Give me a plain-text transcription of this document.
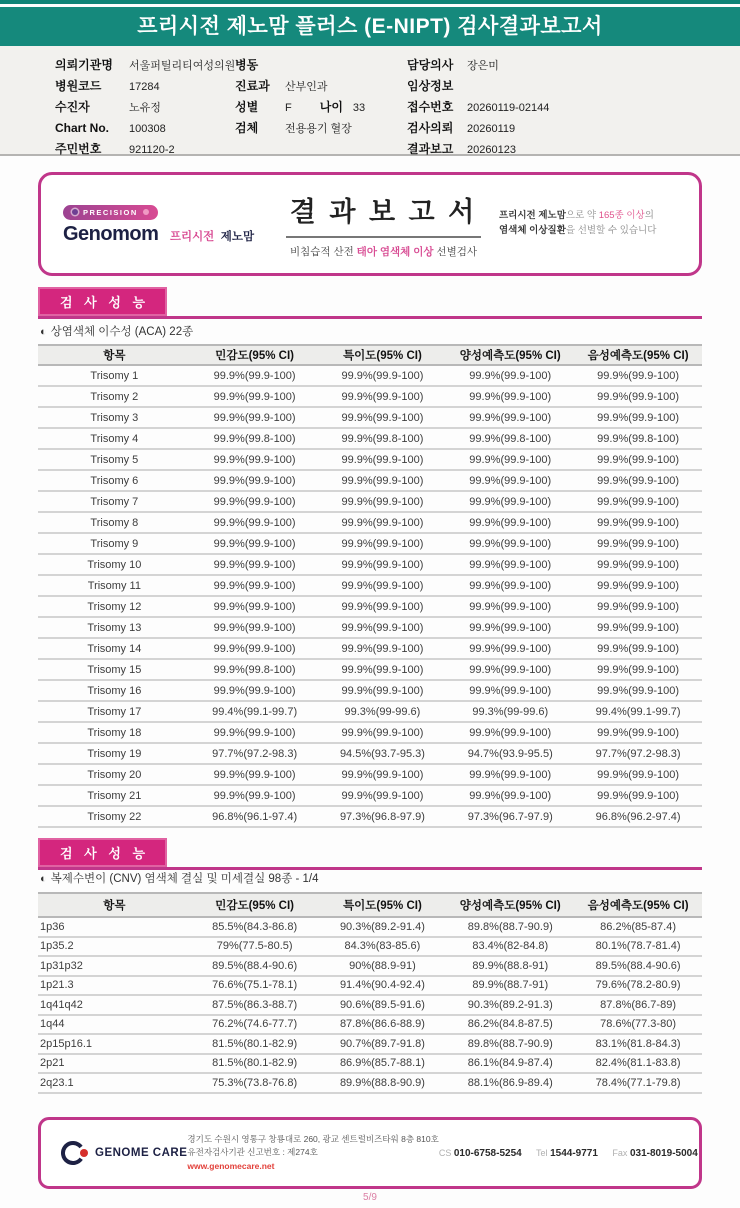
프리시전 제노맘 플러스 (E-NIPT) 검사결과보고서
의뢰기관명 서울퍼틸리티여성의원
병원코드	17284
수진자	노유정
Chart No. 100308
주민번호	921120-2
병동
진료과 산부인과
성별 F 나이 33
검체 전용용기 혈장
담당의사 장은미
임상정보
접수번호 20260119-02144
검사의뢰 20260119
결과보고 20260123
PRECISION
Genomom 프리시전 제노맘
결 과 보 고 서
비침습적 산전 태아 염색체 이상 선별검사
프리시전 제노맘으로 약 165종 이상의
염색체 이상질환을 선별할 수 있습니다
검 사 성 능
◐ 상염색체 이수성 (ACA) 22종
항목	민감도(95% CI)	특이도(95% CI)	양성예측도(95% CI)	음성예측도(95% CI)
Trisomy 1	99.9%(99.9-100)	99.9%(99.9-100)	99.9%(99.9-100)	99.9%(99.9-100)
Trisomy 2	99.9%(99.9-100)	99.9%(99.9-100)	99.9%(99.9-100)	99.9%(99.9-100)
Trisomy 3	99.9%(99.9-100)	99.9%(99.9-100)	99.9%(99.9-100)	99.9%(99.9-100)
Trisomy 4	99.9%(99.8-100)	99.9%(99.8-100)	99.9%(99.8-100)	99.9%(99.8-100)
Trisomy 5	99.9%(99.9-100)	99.9%(99.9-100)	99.9%(99.9-100)	99.9%(99.9-100)
Trisomy 6	99.9%(99.9-100)	99.9%(99.9-100)	99.9%(99.9-100)	99.9%(99.9-100)
Trisomy 7	99.9%(99.9-100)	99.9%(99.9-100)	99.9%(99.9-100)	99.9%(99.9-100)
Trisomy 8	99.9%(99.9-100)	99.9%(99.9-100)	99.9%(99.9-100)	99.9%(99.9-100)
Trisomy 9	99.9%(99.9-100)	99.9%(99.9-100)	99.9%(99.9-100)	99.9%(99.9-100)
Trisomy 10	99.9%(99.9-100)	99.9%(99.9-100)	99.9%(99.9-100)	99.9%(99.9-100)
Trisomy 11	99.9%(99.9-100)	99.9%(99.9-100)	99.9%(99.9-100)	99.9%(99.9-100)
Trisomy 12	99.9%(99.9-100)	99.9%(99.9-100)	99.9%(99.9-100)	99.9%(99.9-100)
Trisomy 13	99.9%(99.9-100)	99.9%(99.9-100)	99.9%(99.9-100)	99.9%(99.9-100)
Trisomy 14	99.9%(99.9-100)	99.9%(99.9-100)	99.9%(99.9-100)	99.9%(99.9-100)
Trisomy 15	99.9%(99.8-100)	99.9%(99.9-100)	99.9%(99.9-100)	99.9%(99.9-100)
Trisomy 16	99.9%(99.9-100)	99.9%(99.9-100)	99.9%(99.9-100)	99.9%(99.9-100)
Trisomy 17	99.4%(99.1-99.7)	99.3%(99-99.6)	99.3%(99-99.6)	99.4%(99.1-99.7)
Trisomy 18	99.9%(99.9-100)	99.9%(99.9-100)	99.9%(99.9-100)	99.9%(99.9-100)
Trisomy 19	97.7%(97.2-98.3)	94.5%(93.7-95.3)	94.7%(93.9-95.5)	97.7%(97.2-98.3)
Trisomy 20	99.9%(99.9-100)	99.9%(99.9-100)	99.9%(99.9-100)	99.9%(99.9-100)
Trisomy 21	99.9%(99.9-100)	99.9%(99.9-100)	99.9%(99.9-100)	99.9%(99.9-100)
Trisomy 22	96.8%(96.1-97.4)	97.3%(96.8-97.9)	97.3%(96.7-97.9)	96.8%(96.2-97.4)
검 사 성 능
◐ 복제수변이 (CNV) 염색체 결실 및 미세결실 98종 - 1/4
항목	민감도(95% CI)	특이도(95% CI)	양성예측도(95% CI)	음성예측도(95% CI)
1p36	85.5%(84.3-86.8)	90.3%(89.2-91.4)	89.8%(88.7-90.9)	86.2%(85-87.4)
1p35.2	79%(77.5-80.5)	84.3%(83-85.6)	83.4%(82-84.8)	80.1%(78.7-81.4)
1p31p32	89.5%(88.4-90.6)	90%(88.9-91)	89.9%(88.8-91)	89.5%(88.4-90.6)
1p21.3	76.6%(75.1-78.1)	91.4%(90.4-92.4)	89.9%(88.7-91)	79.6%(78.2-80.9)
1q41q42	87.5%(86.3-88.7)	90.6%(89.5-91.6)	90.3%(89.2-91.3)	87.8%(86.7-89)
1q44	76.2%(74.6-77.7)	87.8%(86.6-88.9)	86.2%(84.8-87.5)	78.6%(77.3-80)
2p15p16.1	81.5%(80.1-82.9)	90.7%(89.7-91.8)	89.8%(88.7-90.9)	83.1%(81.8-84.3)
2p21	81.5%(80.1-82.9)	86.9%(85.7-88.1)	86.1%(84.9-87.4)	82.4%(81.1-83.8)
2q23.1	75.3%(73.8-76.8)	89.9%(88.8-90.9)	88.1%(86.9-89.4)	78.4%(77.1-79.8)
GENOME CARE
경기도 수원시 영통구 창룡대로 260, 광교 센트럴비즈타워 8층 810호
유전자검사기관 신고번호 : 제274호
www.genomecare.net
CS 010-6758-5254 Tel 1544-9771 Fax 031-8019-5004
5/9
